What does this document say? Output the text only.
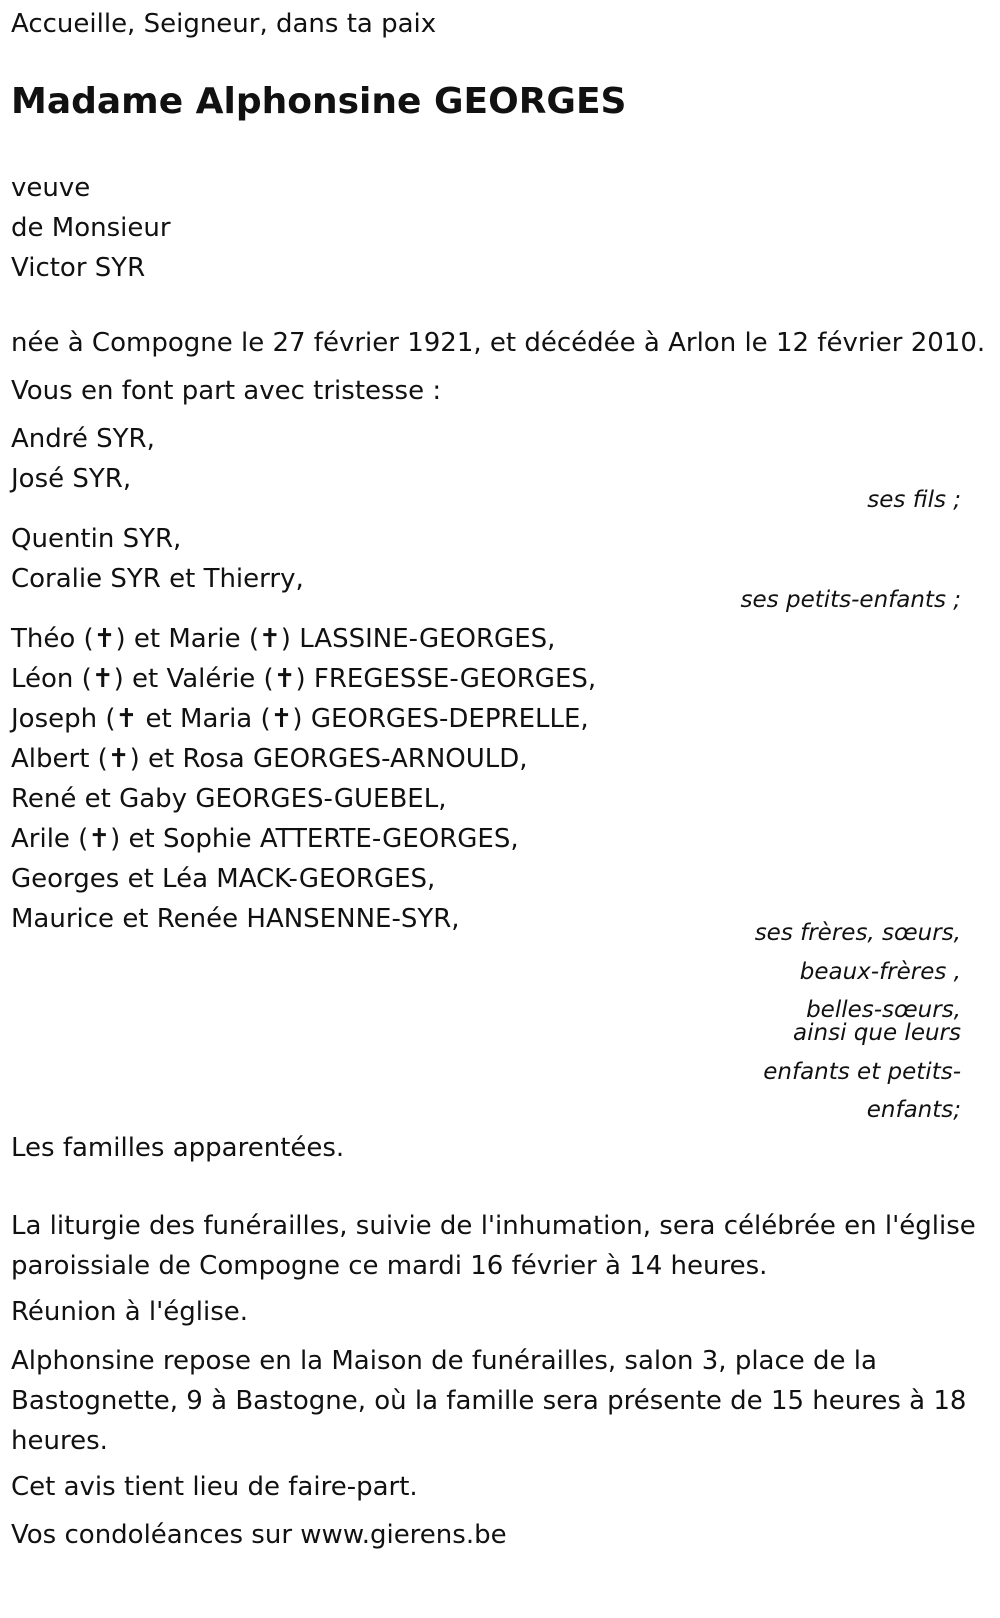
Accueille, Seigneur, dans ta paix
Madame Alphonsine GEORGES
veuve
de Monsieur
Victor SYR
née à Compogne le 27 février 1921, et décédée à Arlon le 12 février 2010.
Vous en font part avec tristesse :
André SYR,
José SYR,
ses fils ;
Quentin SYR,
Coralie SYR et Thierry,
ses petits-enfants ;
Théo (✝) et Marie (✝) LASSINE-GEORGES,
Léon (✝) et Valérie (✝) FREGESSE-GEORGES,
Joseph (✝ et Maria (✝) GEORGES-DEPRELLE,
Albert (✝) et Rosa GEORGES-ARNOULD,
René et Gaby GEORGES-GUEBEL,
Arile (✝) et Sophie ATTERTE-GEORGES,
Georges et Léa MACK-GEORGES,
Maurice et Renée HANSENNE-SYR,	ses frères, sœurs,
beaux-frères ,
belles-sœurs,
ainsi que leurs
enfants et petits-
enfants;
Les familles apparentées.
La liturgie des funérailles, suivie de l'inhumation, sera célébrée en l'église paroissiale de Compogne ce mardi 16 février à 14 heures.
Réunion à l'église.
Alphonsine repose en la Maison de funérailles, salon 3, place de la Bastognette, 9 à Bastogne, où la famille sera présente de 15 heures à 18 heures.
Cet avis tient lieu de faire-part.
Vos condoléances sur www.gierens.be
